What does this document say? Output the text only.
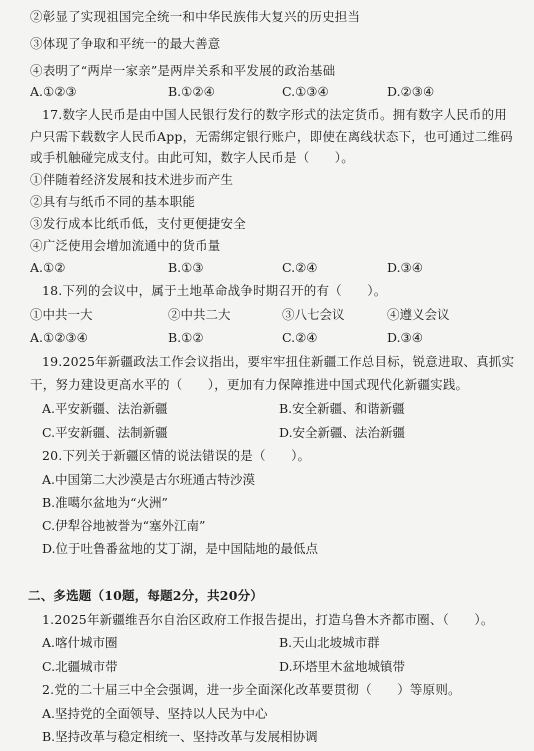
②彰显了实现祖国完全统一和中华民族伟大复兴的历史担当
③体现了争取和平统一的最大善意
④表明了“两岸一家亲”是两岸关系和平发展的政治基础
A.①②③	B.①②④	C.①③④	D.②③④
17.数字人民币是由中国人民银行发行的数字形式的法定货币。拥有数字人民币的用
户只需下载数字人民币App，无需绑定银行账户，即使在离线状态下，也可通过二维码
或手机触碰完成支付。由此可知，数字人民币是（　　）。
①伴随着经济发展和技术进步而产生
②具有与纸币不同的基本职能
③发行成本比纸币低，支付更便捷安全
④广泛使用会增加流通中的货币量
A.①②	B.①③	C.②④	D.③④
18.下列的会议中，属于土地革命战争时期召开的有（　　）。
①中共一大	②中共二大	③八七会议	④遵义会议
A.①②③④	B.①②	C.②④	D.③④
19.2025年新疆政法工作会议指出，要牢牢扭住新疆工作总目标，锐意进取、真抓实
干，努力建设更高水平的（　　），更加有力保障推进中国式现代化新疆实践。
A.平安新疆、法治新疆	B.安全新疆、和谐新疆
C.平安新疆、法制新疆	D.安全新疆、法治新疆
20.下列关于新疆区情的说法错误的是（　　）。
A.中国第二大沙漠是古尔班通古特沙漠
B.准噶尔盆地为“火洲”
C.伊犁谷地被誉为“塞外江南”
D.位于吐鲁番盆地的艾丁湖，是中国陆地的最低点
二、多选题（10题，每题2分，共20分）
1.2025年新疆维吾尔自治区政府工作报告提出，打造乌鲁木齐都市圈、（　　）。
A.喀什城市圈	B.天山北坡城市群
C.北疆城市带	D.环塔里木盆地城镇带
2.党的二十届三中全会强调，进一步全面深化改革要贯彻（　　）等原则。
A.坚持党的全面领导、坚持以人民为中心
B.坚持改革与稳定相统一、坚持改革与发展相协调
